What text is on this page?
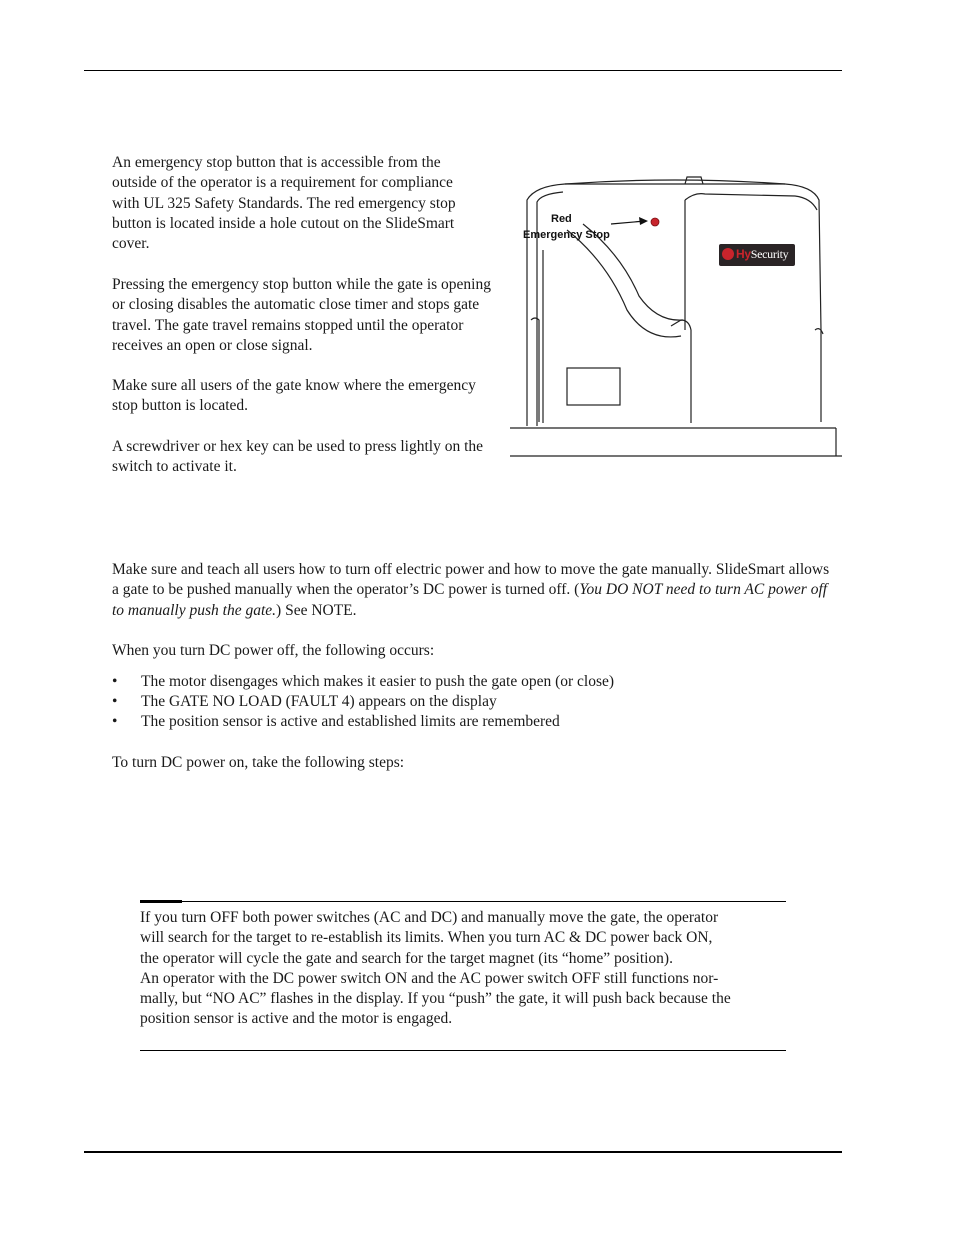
An emergency stop button that is accessible from the outside of the operator is a requirement for compliance with UL 325 Safety Standards. The red emergency stop button is located inside a hole cutout on the SlideSmart cover.

Pressing the emergency stop button while the gate is opening or closing disables the automatic close timer and stops gate travel. The gate travel remains stopped until the operator receives an open or close signal.

Make sure all users of the gate know where the emergency stop button is located.

A screwdriver or hex key can be used to press lightly on the switch to activate it.

Red
Emergency Stop
HySecurity

Make sure and teach all users how to turn off electric power and how to move the gate manually. SlideSmart allows a gate to be pushed manually when the operator’s DC power is turned off. (You DO NOT need to turn AC power off to manually push the gate.) See NOTE.

When you turn DC power off, the following occurs:

• The motor disengages which makes it easier to push the gate open (or close)
• The GATE NO LOAD (FAULT 4) appears on the display
• The position sensor is active and established limits are remembered

To turn DC power on, take the following steps:

If you turn OFF both power switches (AC and DC) and manually move the gate, the operator
will search for the target to re-establish its limits. When you turn AC & DC power back ON,
the operator will cycle the gate and search for the target magnet (its “home” position).
An operator with the DC power switch ON and the AC power switch OFF still functions nor-
mally, but “NO AC” flashes in the display. If you “push” the gate, it will push back because the
position sensor is active and the motor is engaged.
